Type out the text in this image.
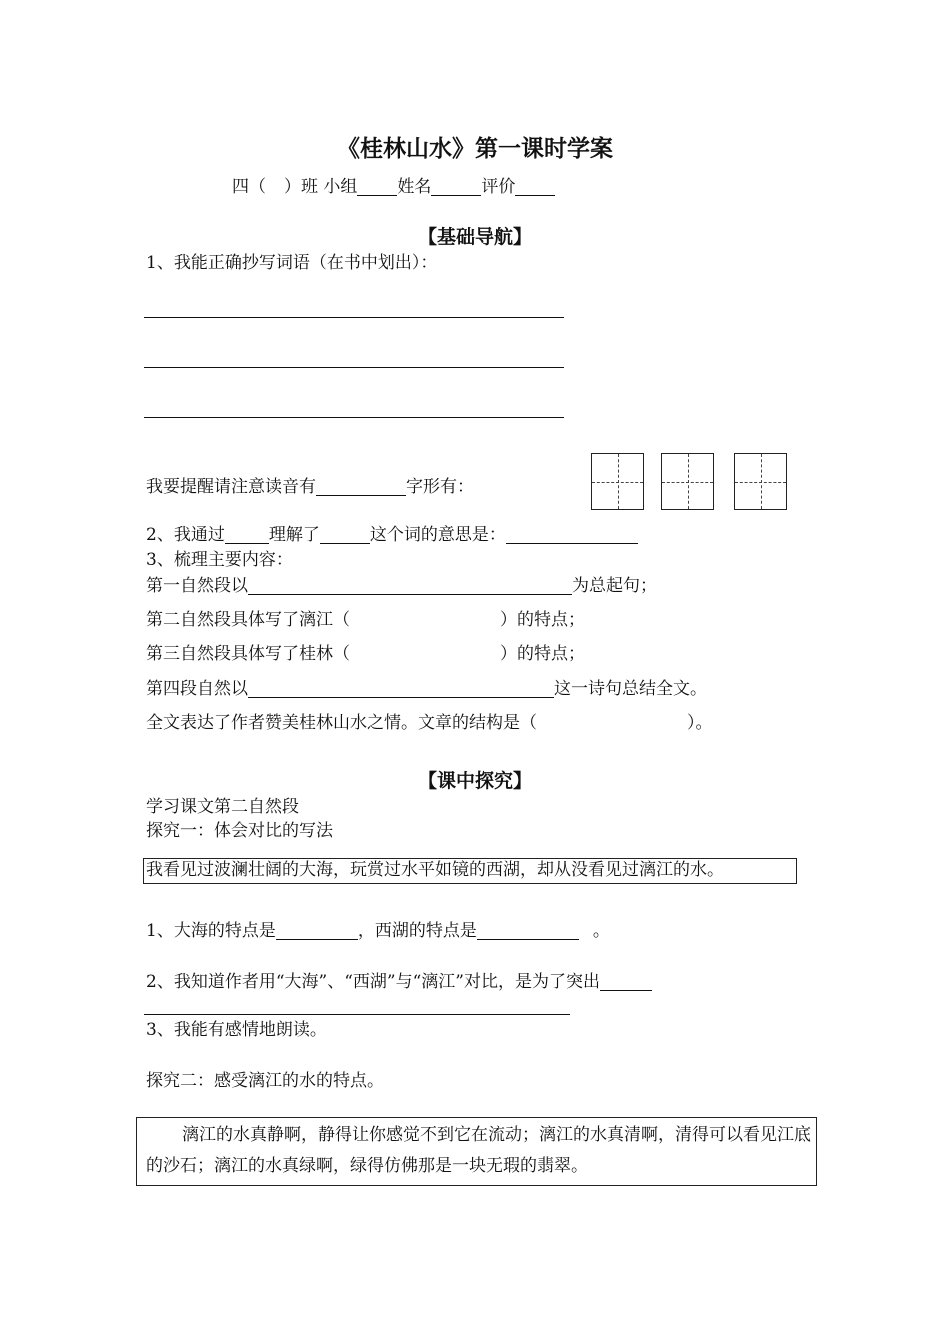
《桂林山水》第一课时学案
四（ ）班 小组 姓名	评价
【基础导航】
1、我能正确抄写词语（在书中划出）：
我要提醒请注意读音有	字形有：
2、我通过	理解了	这个词的意思是：
3、梳理主要内容：
第一自然段以	为总起句；
第二自然段具体写了漓江（	）的特点；
第三自然段具体写了桂林（	）的特点；
第四段自然以	这一诗句总结全文。
全文表达了作者赞美桂林山水之情。文章的结构是（	）。
【课中探究】
学习课文第二自然段
探究一：体会对比的写法
我看见过波澜壮阔的大海，玩赏过水平如镜的西湖，却从没看见过漓江的水。
1、大海的特点是	，西湖的特点是	。
2、我知道作者用“大海”、“西湖”与“漓江”对比，是为了突出
3、我能有感情地朗读。
探究二：感受漓江的水的特点。
漓江的水真静啊，静得让你感觉不到它在流动；漓江的水真清啊，清得可以看见江底的沙石；漓江的水真绿啊，绿得仿佛那是一块无瑕的翡翠。
